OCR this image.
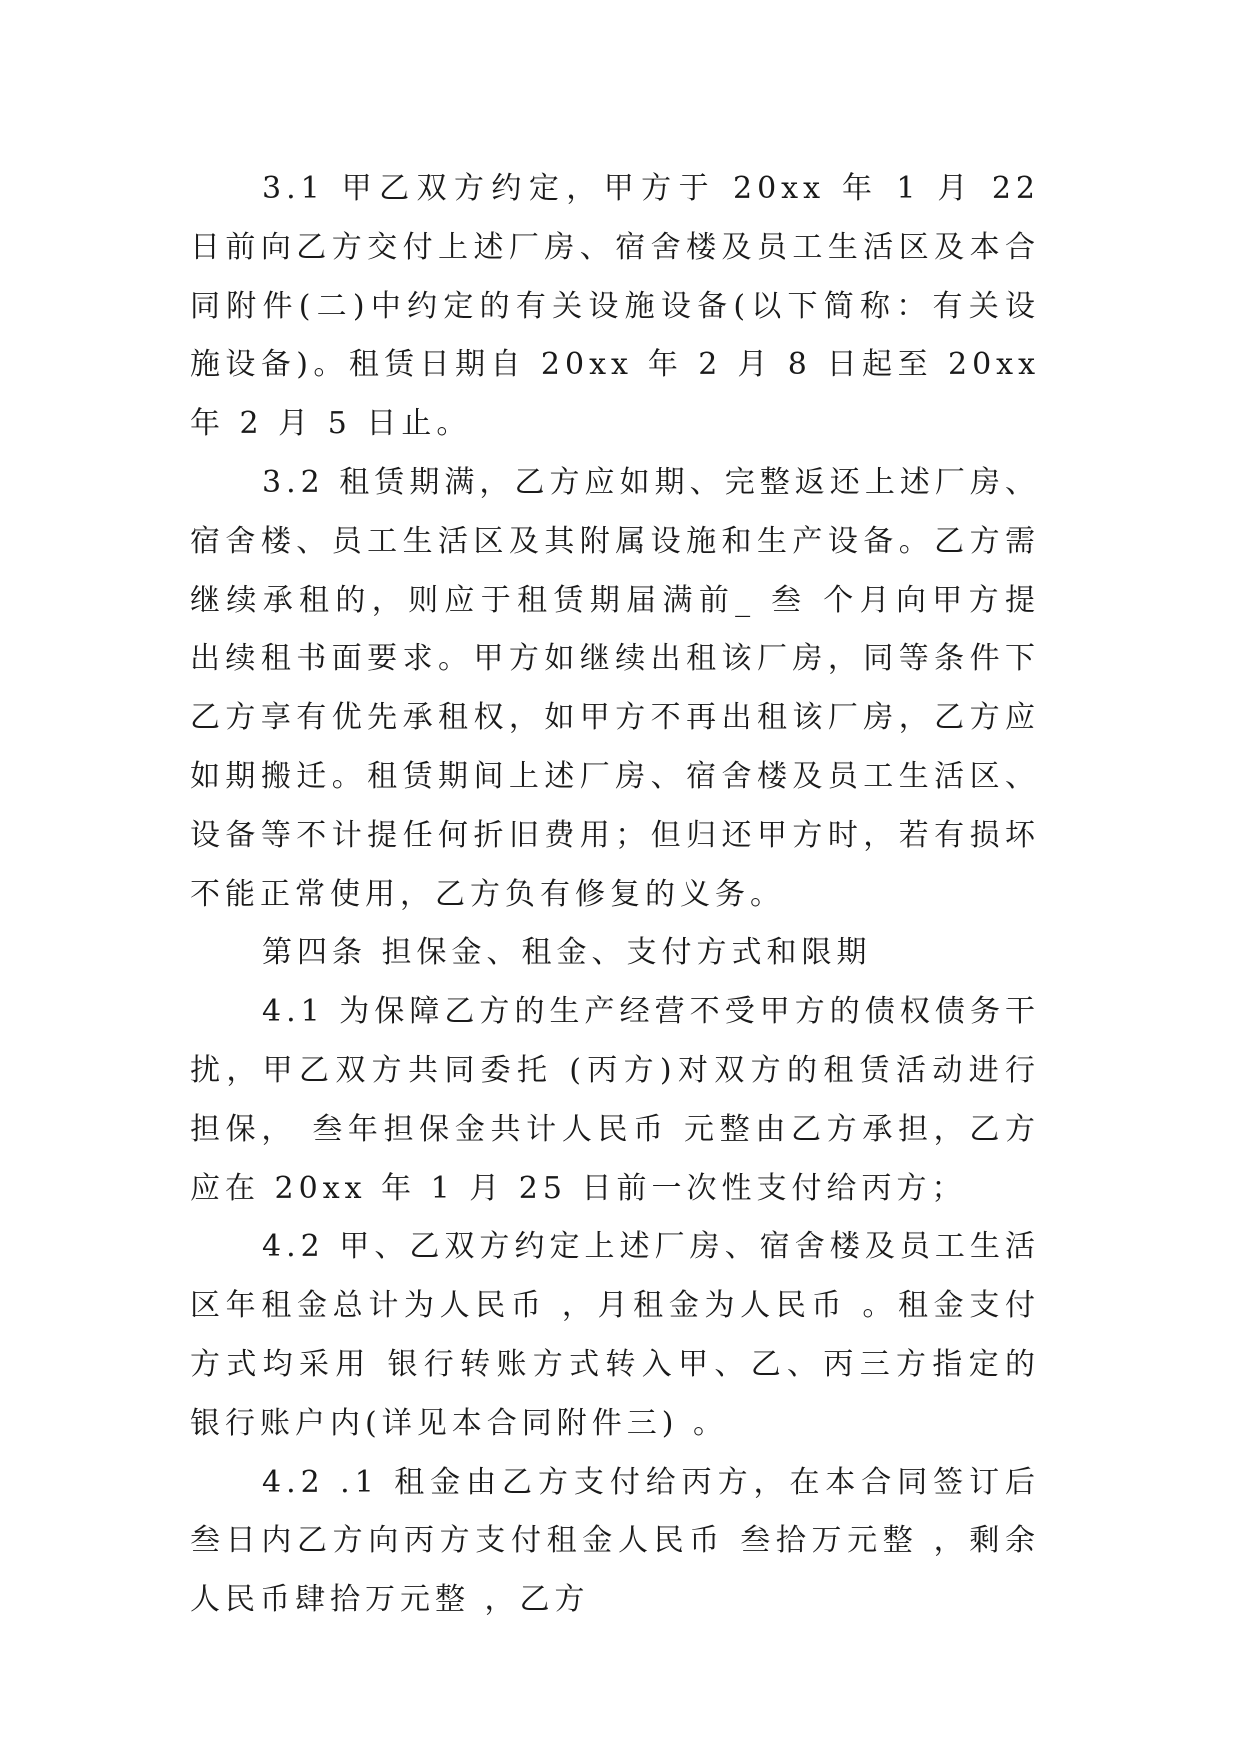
3.1 甲乙双方约定，甲方于 20xx 年 1 月 22 日前向乙方交付上述厂房、宿舍楼及员工生活区及本合同附件(二)中约定的有关设施设备(以下简称：有关设施设备)。租赁日期自 20xx 年 2 月 8 日起至 20xx 年 2 月 5 日止。

3.2 租赁期满，乙方应如期、完整返还上述厂房、宿舍楼、员工生活区及其附属设施和生产设备。乙方需继续承租的，则应于租赁期届满前_ 叁 个月向甲方提出续租书面要求。甲方如继续出租该厂房，同等条件下乙方享有优先承租权，如甲方不再出租该厂房，乙方应如期搬迁。租赁期间上述厂房、宿舍楼及员工生活区、设备等不计提任何折旧费用；但归还甲方时，若有损坏不能正常使用，乙方负有修复的义务。

第四条 担保金、租金、支付方式和限期

4.1 为保障乙方的生产经营不受甲方的债权债务干扰，甲乙双方共同委托 (丙方)对双方的租赁活动进行担保， 叁年担保金共计人民币 元整由乙方承担，乙方应在 20xx 年 1 月 25 日前一次性支付给丙方；

4.2 甲、乙双方约定上述厂房、宿舍楼及员工生活区年租金总计为人民币 ，月租金为人民币 。租金支付方式均采用 银行转账方式转入甲、乙、丙三方指定的银行账户内(详见本合同附件三) 。

4.2 .1 租金由乙方支付给丙方，在本合同签订后 叁日内乙方向丙方支付租金人民币 叁拾万元整 ，剩余人民币肆拾万元整 ，乙方
